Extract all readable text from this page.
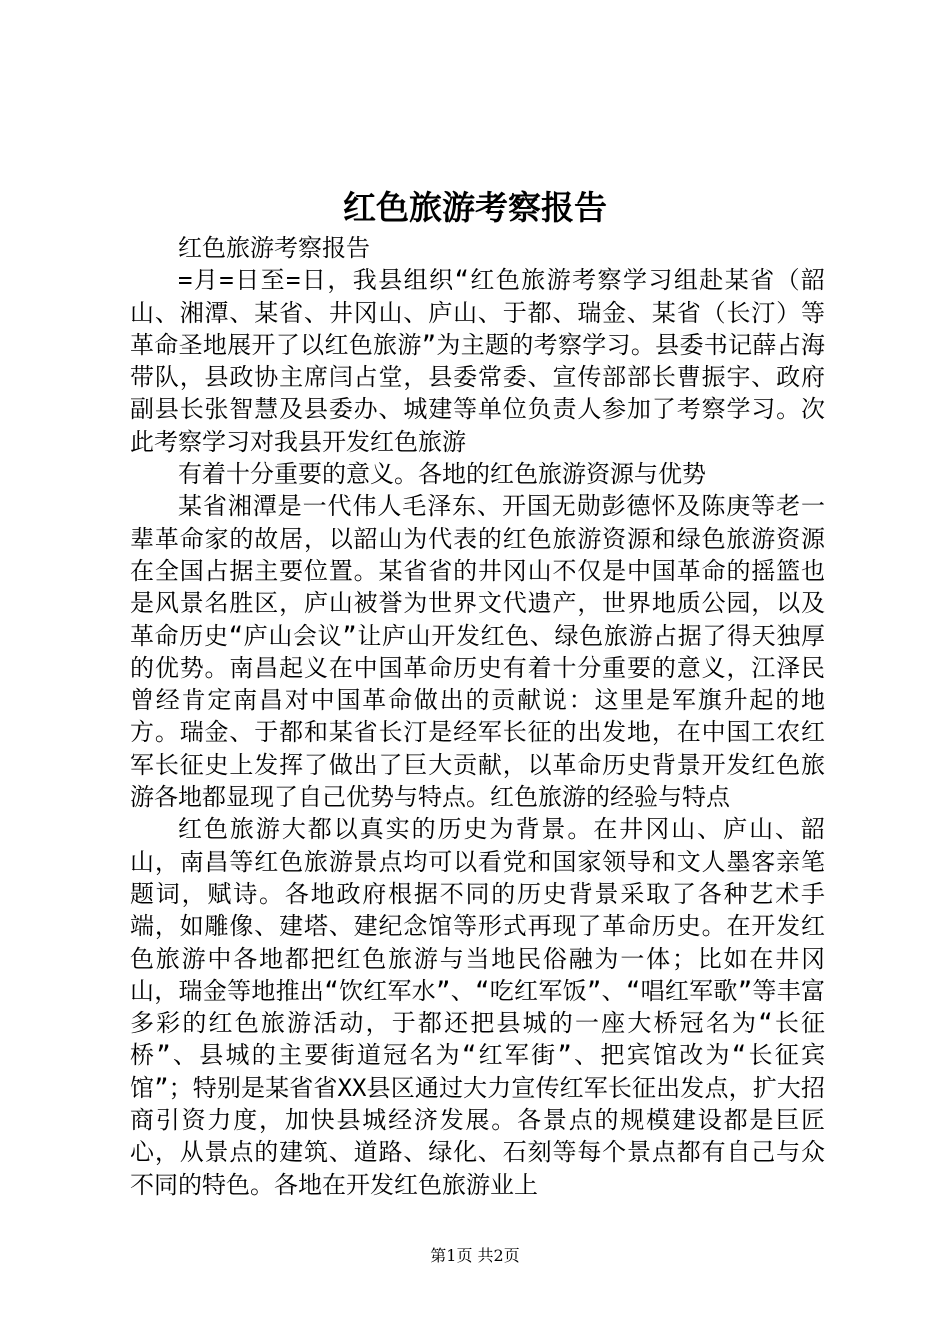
红色旅游考察报告

红色旅游考察报告

=月=日至=日，我县组织“红色旅游考察学习组赴某省（韶山、湘潭、某省、井冈山、庐山、于都、瑞金、某省（长汀）等革命圣地展开了以红色旅游”为主题的考察学习。县委书记薛占海带队，县政协主席闫占堂，县委常委、宣传部部长曹振宇、政府副县长张智慧及县委办、城建等单位负责人参加了考察学习。次此考察学习对我县开发红色旅游

有着十分重要的意义。各地的红色旅游资源与优势

某省湘潭是一代伟人毛泽东、开国无勋彭德怀及陈庚等老一辈革命家的故居，以韶山为代表的红色旅游资源和绿色旅游资源在全国占据主要位置。某省省的井冈山不仅是中国革命的摇篮也是风景名胜区，庐山被誉为世界文代遗产，世界地质公园，以及革命历史“庐山会议”让庐山开发红色、绿色旅游占据了得天独厚的优势。南昌起义在中国革命历史有着十分重要的意义，江泽民曾经肯定南昌对中国革命做出的贡献说：这里是军旗升起的地方。瑞金、于都和某省长汀是经军长征的出发地，在中国工农红军长征史上发挥了做出了巨大贡献，以革命历史背景开发红色旅游各地都显现了自己优势与特点。红色旅游的经验与特点

红色旅游大都以真实的历史为背景。在井冈山、庐山、韶山，南昌等红色旅游景点均可以看党和国家领导和文人墨客亲笔题词，赋诗。各地政府根据不同的历史背景采取了各种艺术手端，如雕像、建塔、建纪念馆等形式再现了革命历史。在开发红色旅游中各地都把红色旅游与当地民俗融为一体；比如在井冈山，瑞金等地推出“饮红军水”、“吃红军饭”、“唱红军歌”等丰富多彩的红色旅游活动，于都还把县城的一座大桥冠名为“长征桥”、县城的主要街道冠名为“红军街”、把宾馆改为“长征宾馆”；特别是某省省XX县区通过大力宣传红军长征出发点，扩大招商引资力度，加快县城经济发展。各景点的规模建设都是巨匠心，从景点的建筑、道路、绿化、石刻等每个景点都有自己与众不同的特色。各地在开发红色旅游业上

第1页 共2页
